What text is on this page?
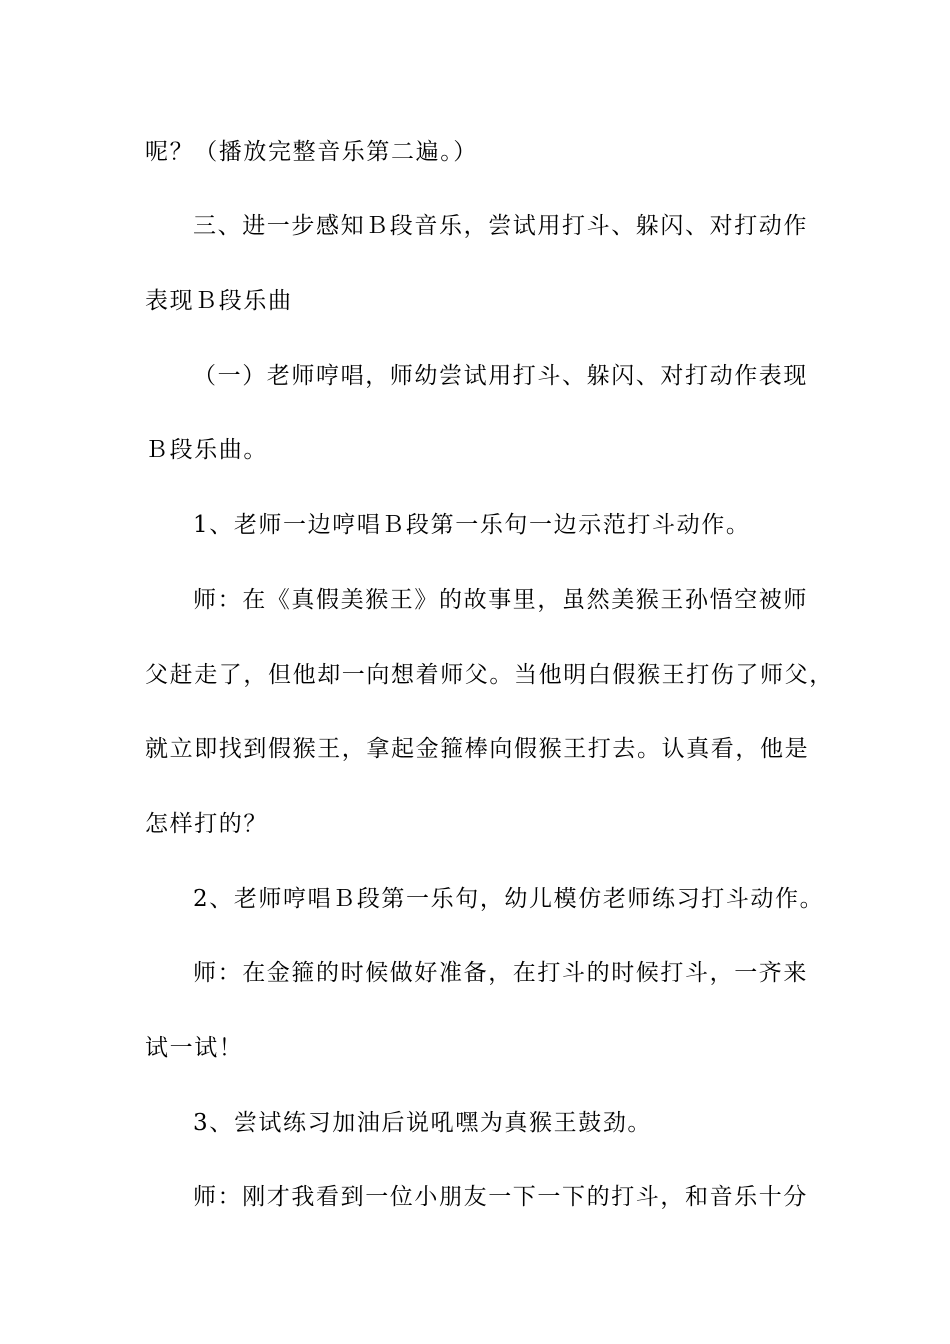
呢？（播放完整音乐第二遍。）
三、进一步感知Ｂ段音乐，尝试用打斗、躲闪、对打动作
表现Ｂ段乐曲
（一）老师哼唱，师幼尝试用打斗、躲闪、对打动作表现
Ｂ段乐曲。
1、老师一边哼唱Ｂ段第一乐句一边示范打斗动作。
师：在《真假美猴王》的故事里，虽然美猴王孙悟空被师
父赶走了，但他却一向想着师父。当他明白假猴王打伤了师父，
就立即找到假猴王，拿起金箍棒向假猴王打去。认真看，他是
怎样打的？
2、老师哼唱Ｂ段第一乐句，幼儿模仿老师练习打斗动作。
师：在金箍的时候做好准备，在打斗的时候打斗，一齐来
试一试！
3、尝试练习加油后说吼嘿为真猴王鼓劲。
师：刚才我看到一位小朋友一下一下的打斗，和音乐十分
